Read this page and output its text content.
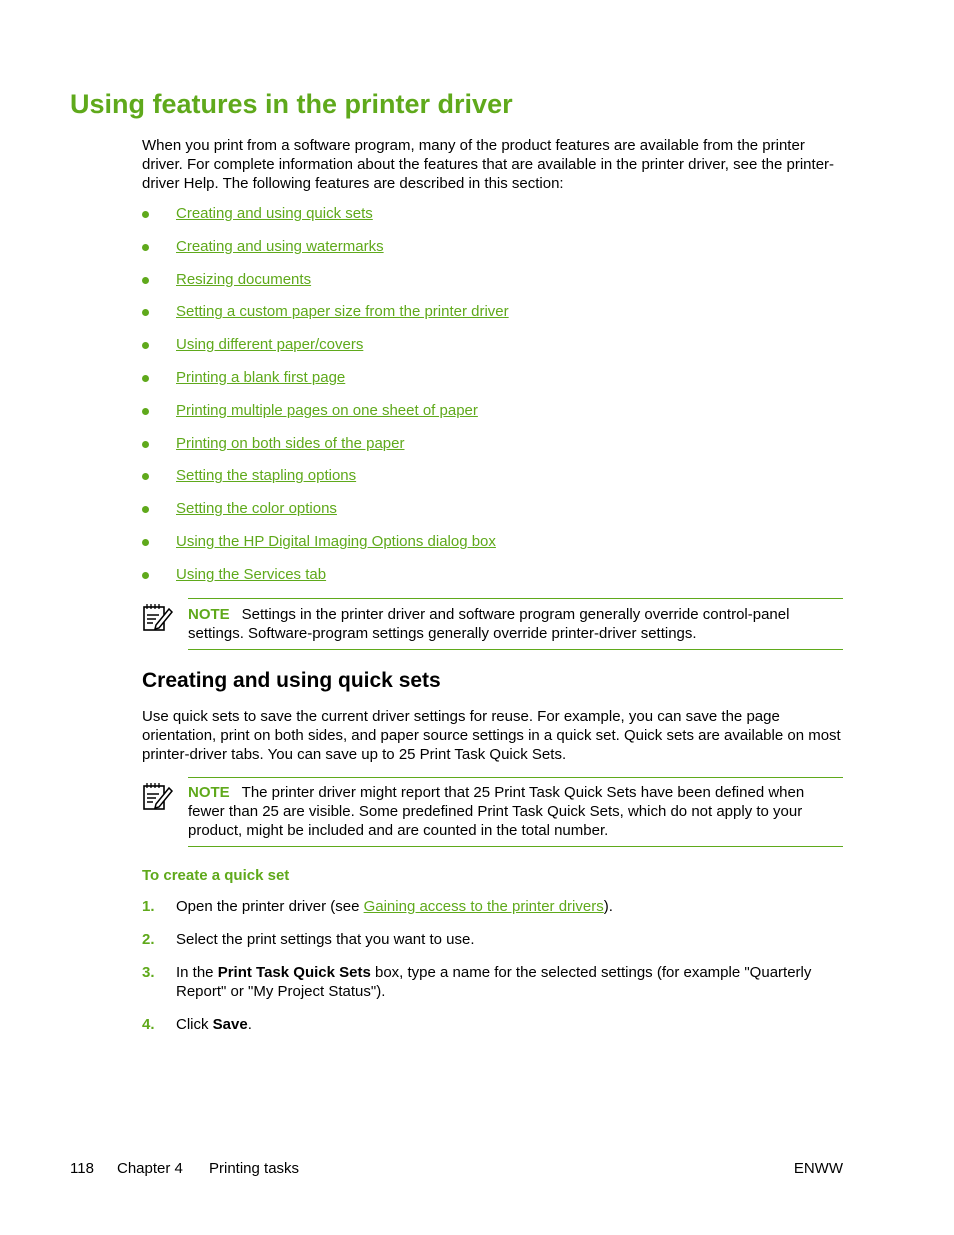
Using features in the printer driver

When you print from a software program, many of the product features are available from the printer driver. For complete information about the features that are available in the printer driver, see the printer-driver Help. The following features are described in this section:

Creating and using quick sets
Creating and using watermarks
Resizing documents
Setting a custom paper size from the printer driver
Using different paper/covers
Printing a blank first page
Printing multiple pages on one sheet of paper
Printing on both sides of the paper
Setting the stapling options
Setting the color options
Using the HP Digital Imaging Options dialog box
Using the Services tab
NOTE Settings in the printer driver and software program generally override control-panel settings. Software-program settings generally override printer-driver settings.
Creating and using quick sets

Use quick sets to save the current driver settings for reuse. For example, you can save the page orientation, print on both sides, and paper source settings in a quick set. Quick sets are available on most printer-driver tabs. You can save up to 25 Print Task Quick Sets.

NOTE The printer driver might report that 25 Print Task Quick Sets have been defined when fewer than 25 are visible. Some predefined Print Task Quick Sets, which do not apply to your product, might be included and are counted in the total number.
To create a quick set
1. Open the printer driver (see Gaining access to the printer drivers).
2. Select the print settings that you want to use.
3. In the Print Task Quick Sets box, type a name for the selected settings (for example "Quarterly Report" or "My Project Status").
4. Click Save.
118 Chapter 4 Printing tasks	ENWW
